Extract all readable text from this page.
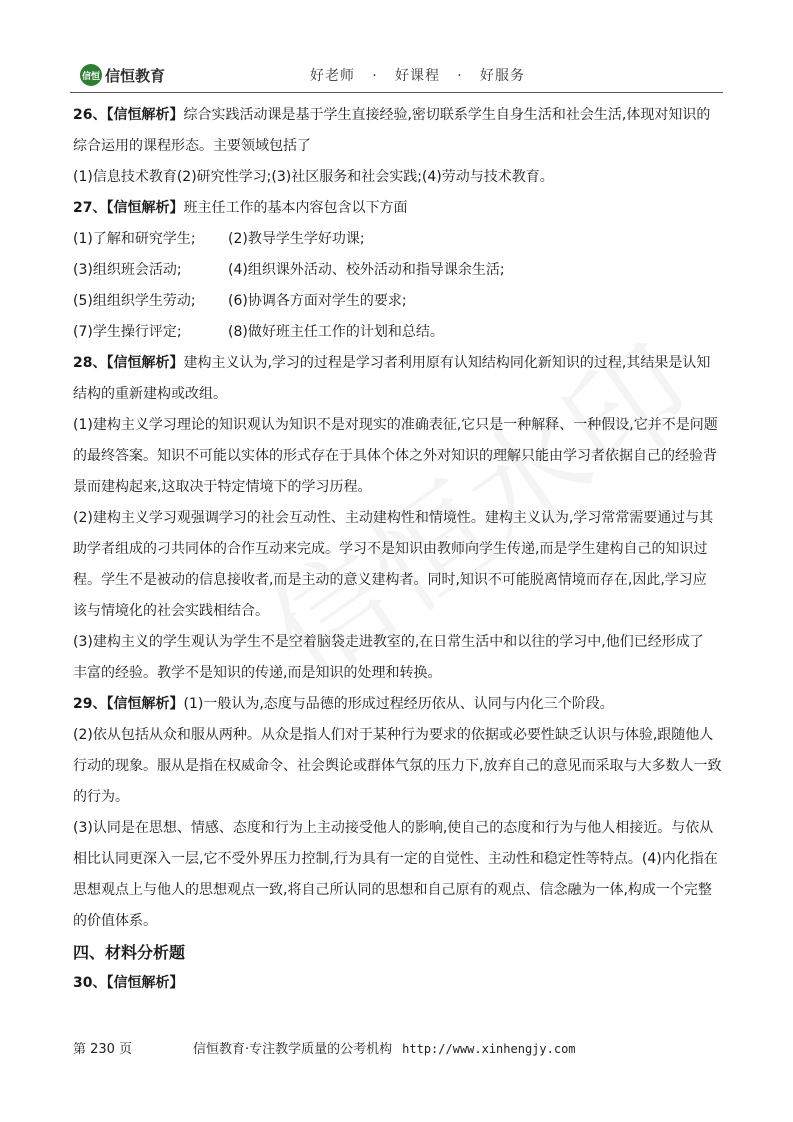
信恒 信恒教育	好老师 · 好课程 · 好服务
26、【信恒解析】综合实践活动课是基于学生直接经验,密切联系学生自身生活和社会生活,体现对知识的
综合运用的课程形态。主要领域包括了
(1)信息技术教育(2)研究性学习;(3)社区服务和社会实践;(4)劳动与技术教育。
27、【信恒解析】班主任工作的基本内容包含以下方面
(1)了解和研究学生; (2)教导学生学好功课;
(3)组织班会活动;	(4)组织课外活动、校外活动和指导课余生活;
(5)组组织学生劳动; (6)协调各方面对学生的要求;
(7)学生操行评定;	(8)做好班主任工作的计划和总结。
28、【信恒解析】建构主义认为,学习的过程是学习者利用原有认知结构同化新知识的过程,其结果是认知
结构的重新建构或改组。
(1)建构主义学习理论的知识观认为知识不是对现实的准确表征,它只是一种解释、一种假设,它并不是问题
的最终答案。知识不可能以实体的形式存在于具体个体之外对知识的理解只能由学习者依据自己的经验背
景而建构起来,这取决于特定情境下的学习历程。
(2)建构主义学习观强调学习的社会互动性、主动建构性和情境性。建构主义认为,学习常常需要通过与其
助学者组成的刁共同体的合作互动来完成。学习不是知识由教师向学生传递,而是学生建构自己的知识过
程。学生不是被动的信息接收者,而是主动的意义建构者。同时,知识不可能脱离情境而存在,因此,学习应
该与情境化的社会实践相结合。
(3)建构主义的学生观认为学生不是空着脑袋走进教室的,在日常生活中和以往的学习中,他们已经形成了
丰富的经验。教学不是知识的传递,而是知识的处理和转换。
29、【信恒解析】(1)一般认为,态度与品德的形成过程经历依从、认同与内化三个阶段。
(2)依从包括从众和服从两种。从众是指人们对于某种行为要求的依据或必要性缺乏认识与体验,跟随他人
行动的现象。服从是指在权威命令、社会舆论或群体气氛的压力下,放弃自己的意见而采取与大多数人一致
的行为。
(3)认同是在思想、情感、态度和行为上主动接受他人的影响,使自己的态度和行为与他人相接近。与依从
相比认同更深入一层,它不受外界压力控制,行为具有一定的自觉性、主动性和稳定性等特点。(4)内化指在
思想观点上与他人的思想观点一致,将自己所认同的思想和自己原有的观点、信念融为一体,构成一个完整
的价值体系。
四、材料分析题
30、【信恒解析】
第 230 页	信恒教育·专注教学质量的公考机构 http://www.xinhengjy.com
